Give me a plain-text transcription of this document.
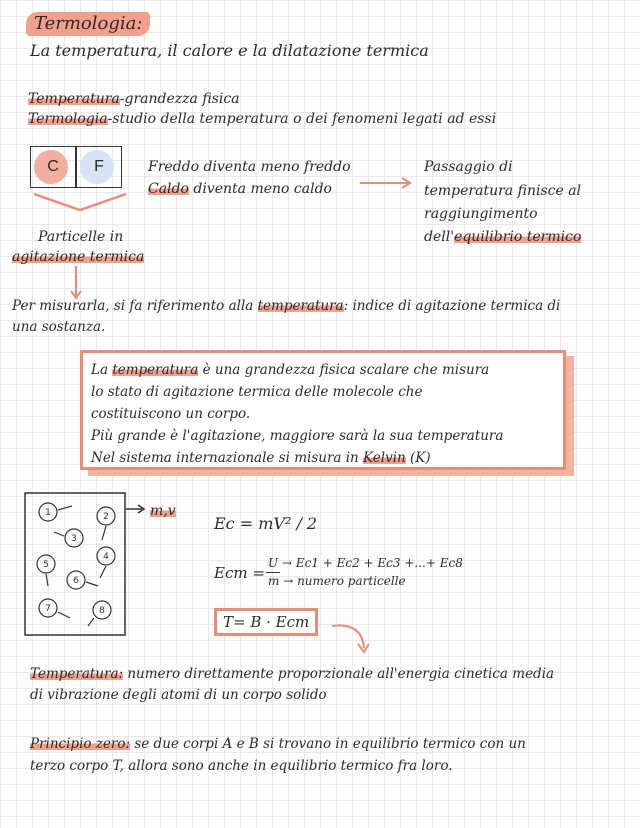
Termologia:
La temperatura, il calore e la dilatazione termica
Temperatura-grandezza fisica
Termologia-studio della temperatura o dei fenomeni legati ad essi
C	F
Particelle in
agitazione termica
Freddo diventa meno freddo
Caldo diventa meno caldo
Passaggio di
temperatura finisce al
raggiungimento
dell'equilibrio termico
Per misurarla, si fa riferimento alla temperatura: indice di agitazione termica di
una sostanza.
La temperatura è una grandezza fisica scalare che misura
lo stato di agitazione termica delle molecole che
costituiscono un corpo.
Più grande è l'agitazione, maggiore sarà la sua temperatura
Nel sistema internazionale si misura in Kelvin (K)
1	2
3
4
5
6
7	8
m,v
Ec = mV² / 2
Ecm =
U → Ec1 + Ec2 + Ec3 +...+ Ec8
m → numero particelle
T= B · Ecm
Temperatura: numero direttamente proporzionale all'energia cinetica media
di vibrazione degli atomi di un corpo solido
Principio zero: se due corpi A e B si trovano in equilibrio termico con un
terzo corpo T, allora sono anche in equilibrio termico fra loro.
